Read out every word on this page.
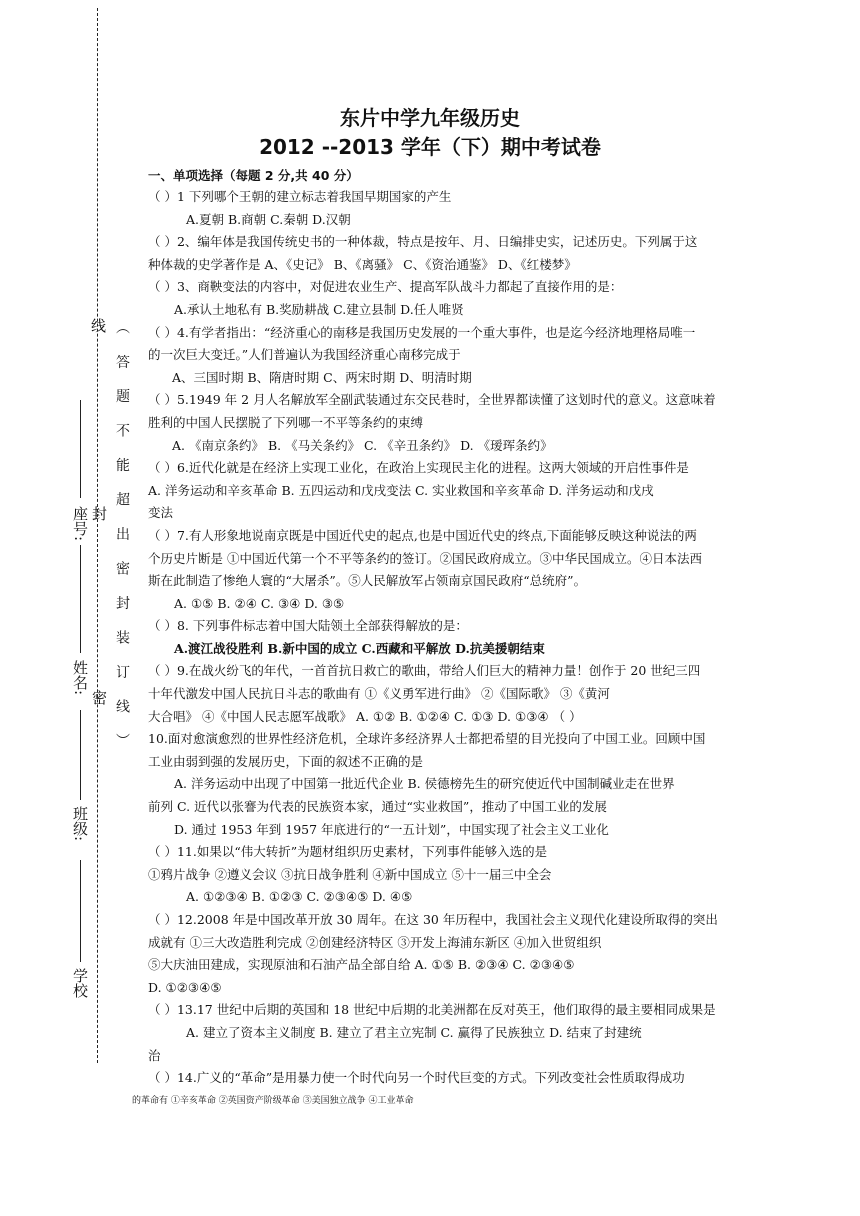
线 （ 答 题 不 能 超 出 密 封 装 订 线 ）
密
封
座号:
姓名:
班级:
学校
东片中学九年级历史
2012 --2013 学年（下）期中考试卷
一、单项选择（每题 2 分,共 40 分）

（ ）1 下列哪个王朝的建立标志着我国早期国家的产生

A.夏朝 B.商朝 C.秦朝 D.汉朝

（ ）2、编年体是我国传统史书的一种体裁，特点是按年、月、日编排史实，记述历史。下列属于这

种体裁的史学著作是 A、《史记》 B、《离骚》 C、《资治通鉴》 D、《红楼梦》

（ ）3、商鞅变法的内容中，对促进农业生产、提高军队战斗力都起了直接作用的是：

A.承认土地私有 B.奖励耕战 C.建立县制 D.任人唯贤

（ ）4.有学者指出：“经济重心的南移是我国历史发展的一个重大事件，也是迄今经济地理格局唯一

的一次巨大变迁。”人们普遍认为我国经济重心南移完成于

A、三国时期 B、隋唐时期 C、两宋时期 D、明清时期

（ ）5.1949 年 2 月人名解放军全副武装通过东交民巷时，全世界都读懂了这划时代的意义。这意味着

胜利的中国人民摆脱了下列哪一不平等条约的束缚

A. 《南京条约》 B. 《马关条约》 C. 《辛丑条约》 D. 《瑷珲条约》

（ ）6.近代化就是在经济上实现工业化，在政治上实现民主化的进程。这两大领域的开启性事件是

A. 洋务运动和辛亥革命 B. 五四运动和戊戌变法 C. 实业救国和辛亥革命 D. 洋务运动和戊戌

变法

（ ）7.有人形象地说南京既是中国近代史的起点,也是中国近代史的终点,下面能够反映这种说法的两

个历史片断是 ①中国近代第一个不平等条约的签订。②国民政府成立。③中华民国成立。④日本法西

斯在此制造了惨绝人寰的“大屠杀”。⑤人民解放军占领南京国民政府“总统府”。

A. ①⑤ B. ②④ C. ③④ D. ③⑤

（ ）8. 下列事件标志着中国大陆领土全部获得解放的是：

A.渡江战役胜利 B.新中国的成立 C.西藏和平解放 D.抗美援朝结束

（ ）9.在战火纷飞的年代，一首首抗日救亡的歌曲，带给人们巨大的精神力量！创作于 20 世纪三四

十年代激发中国人民抗日斗志的歌曲有 ①《义勇军进行曲》 ②《国际歌》 ③《黄河

大合唱》 ④《中国人民志愿军战歌》 A. ①② B. ①②④ C. ①③ D. ①③④ （ ）

10.面对愈演愈烈的世界性经济危机，全球许多经济界人士都把希望的目光投向了中国工业。回顾中国

工业由弱到强的发展历史，下面的叙述不正确的是

A. 洋务运动中出现了中国第一批近代企业 B. 侯德榜先生的研究使近代中国制碱业走在世界

前列 C. 近代以张謇为代表的民族资本家，通过“实业救国”，推动了中国工业的发展

D. 通过 1953 年到 1957 年底进行的“一五计划”，中国实现了社会主义工业化

（ ）11.如果以“伟大转折”为题材组织历史素材，下列事件能够入选的是

①鸦片战争 ②遵义会议 ③抗日战争胜利 ④新中国成立 ⑤十一届三中全会

A. ①②③④ B. ①②③ C. ②③④⑤ D. ④⑤

（ ）12.2008 年是中国改革开放 30 周年。在这 30 年历程中，我国社会主义现代化建设所取得的突出

成就有 ①三大改造胜利完成 ②创建经济特区 ③开发上海浦东新区 ④加入世贸组织

⑤大庆油田建成，实现原油和石油产品全部自给 A. ①⑤ B. ②③④ C. ②③④⑤

D. ①②③④⑤

（ ）13.17 世纪中后期的英国和 18 世纪中后期的北美洲都在反对英王，他们取得的最主要相同成果是

A. 建立了资本主义制度 B. 建立了君主立宪制 C. 赢得了民族独立 D. 结束了封建统

治

（ ）14.广义的“革命”是用暴力使一个时代向另一个时代巨变的方式。下列改变社会性质取得成功

的革命有 ①辛亥革命 ②英国资产阶级革命 ③美国独立战争 ④工业革命
